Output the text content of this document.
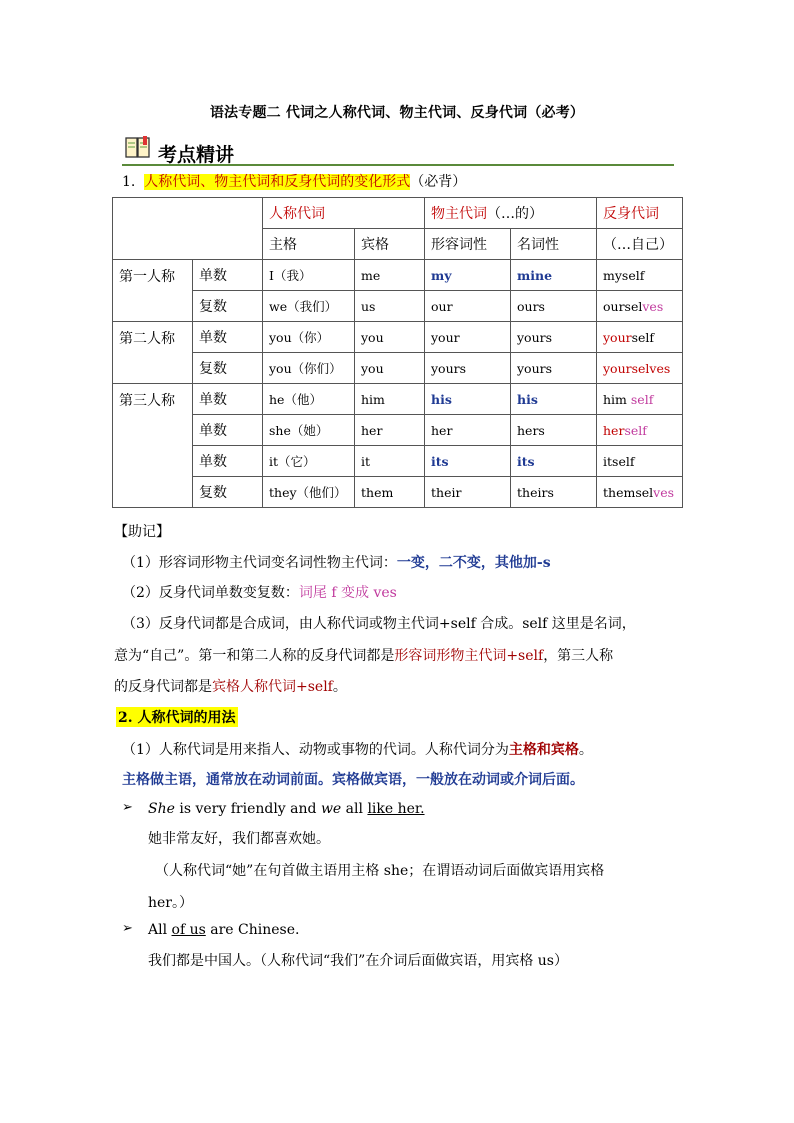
语法专题二 代词之人称代词、物主代词、反身代词（必考）
考点精讲
1. 人称代词、物主代词和反身代词的变化形式（必背）
		人称代词		物主代词（…的）		反身代词
		主格	宾格	形容词性	名词性	（…自己）
第一人称	单数	I（我）	me	my	mine	myself
	复数	we（我们）	us	our	ours	ourselves
第二人称	单数	you（你）	you	your	yours	yourself
	复数	you（你们）	you	yours	yours	yourselves
第三人称	单数	he（他）	him	his	his	him self
	单数	she（她）	her	her	hers	herself
	单数	it（它）	it	its	its	itself
	复数	they（他们）	them	their	theirs	themselves
【助记】
（1）形容词形物主代词变名词性物主代词：一变，二不变，其他加-s
（2）反身代词单数变复数：词尾 f 变成 ves
（3）反身代词都是合成词，由人称代词或物主代词+self 合成。self 这里是名词，
意为“自己”。第一和第二人称的反身代词都是形容词形物主代词+self，第三人称
的反身代词都是宾格人称代词+self。
2. 人称代词的用法
（1）人称代词是用来指人、动物或事物的代词。人称代词分为主格和宾格。
主格做主语，通常放在动词前面。宾格做宾语，一般放在动词或介词后面。
➢ She is very friendly and we all like her.
她非常友好，我们都喜欢她。
（人称代词“她”在句首做主语用主格 she；在谓语动词后面做宾语用宾格
her。）
➢ All of us are Chinese.
我们都是中国人。（人称代词“我们”在介词后面做宾语，用宾格 us）
